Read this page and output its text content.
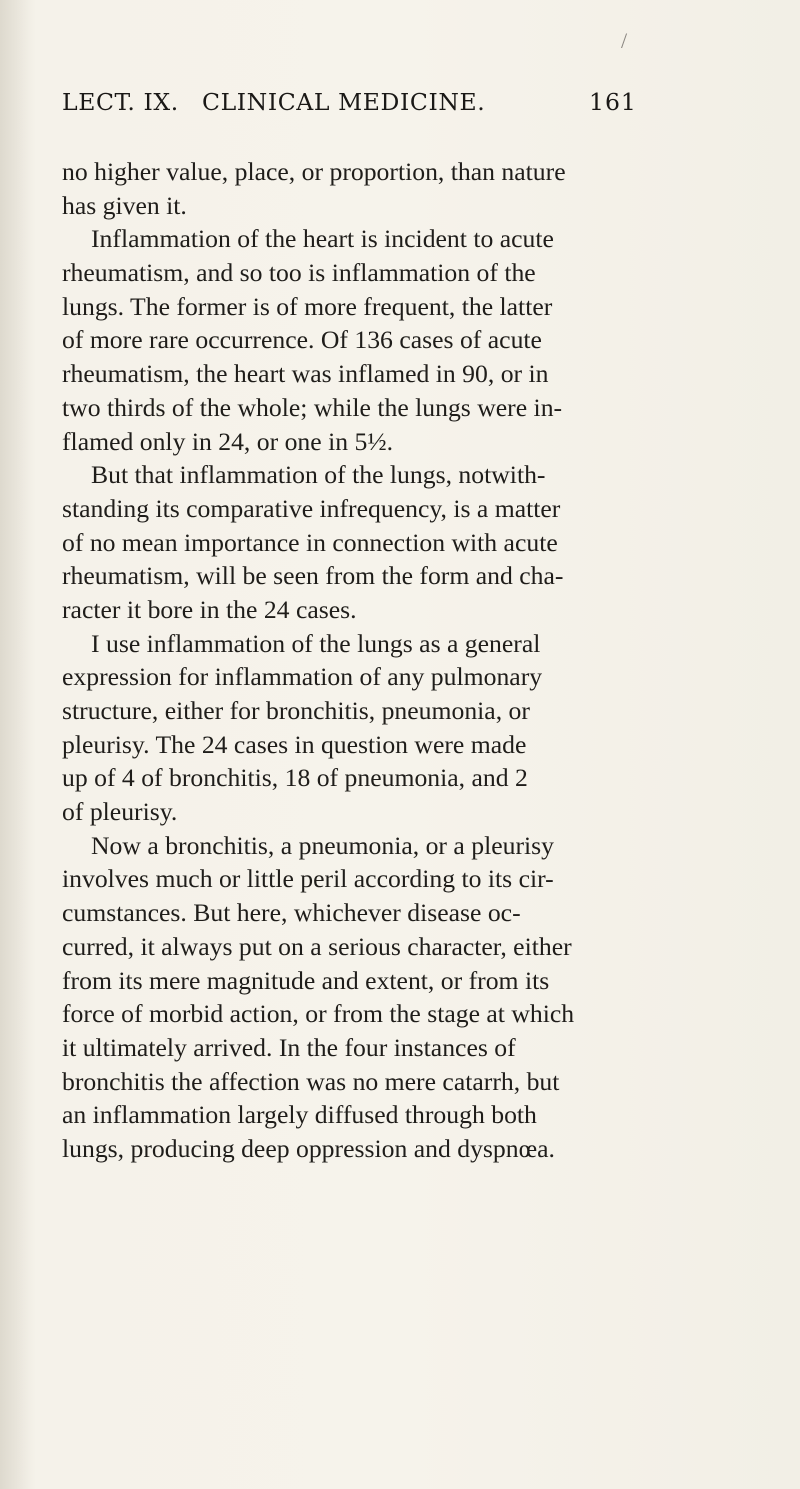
/
LECT. IX. CLINICAL MEDICINE.	161
no higher value, place, or proportion, than nature
has given it.
Inflammation of the heart is incident to acute
rheumatism, and so too is inflammation of the
lungs. The former is of more frequent, the latter
of more rare occurrence. Of 136 cases of acute
rheumatism, the heart was inflamed in 90, or in
two thirds of the whole; while the lungs were in-
flamed only in 24, or one in 5½.
But that inflammation of the lungs, notwith-
standing its comparative infrequency, is a matter
of no mean importance in connection with acute
rheumatism, will be seen from the form and cha-
racter it bore in the 24 cases.
I use inflammation of the lungs as a general
expression for inflammation of any pulmonary
structure, either for bronchitis, pneumonia, or
pleurisy. The 24 cases in question were made
up of 4 of bronchitis, 18 of pneumonia, and 2
of pleurisy.
Now a bronchitis, a pneumonia, or a pleurisy
involves much or little peril according to its cir-
cumstances. But here, whichever disease oc-
curred, it always put on a serious character, either
from its mere magnitude and extent, or from its
force of morbid action, or from the stage at which
it ultimately arrived. In the four instances of
bronchitis the affection was no mere catarrh, but
an inflammation largely diffused through both
lungs, producing deep oppression and dyspnœa.
